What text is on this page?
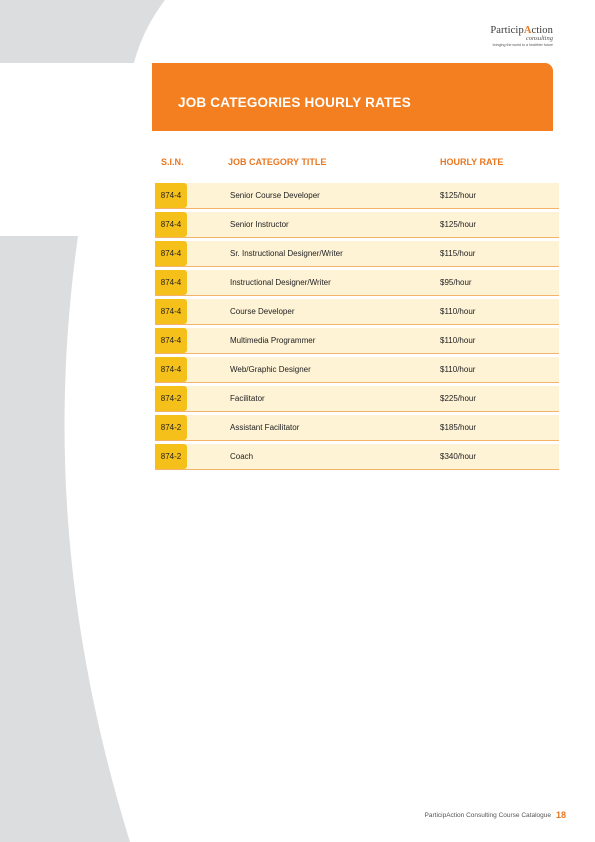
ParticipAction
consulting
bringing the world to a healthier future
JOB CATEGORIES HOURLY RATES
S.I.N.	JOB CATEGORY TITLE	HOURLY RATE
874-4	Senior Course Developer	$125/hour
874-4	Senior Instructor	$125/hour
874-4	Sr. Instructional Designer/Writer	$115/hour
874-4	Instructional Designer/Writer	$95/hour
874-4	Course Developer	$110/hour
874-4	Multimedia Programmer	$110/hour
874-4	Web/Graphic Designer	$110/hour
874-2	Facilitator	$225/hour
874-2	Assistant Facilitator	$185/hour
874-2	Coach	$340/hour
ParticipAction Consulting Course Catalogue 18
